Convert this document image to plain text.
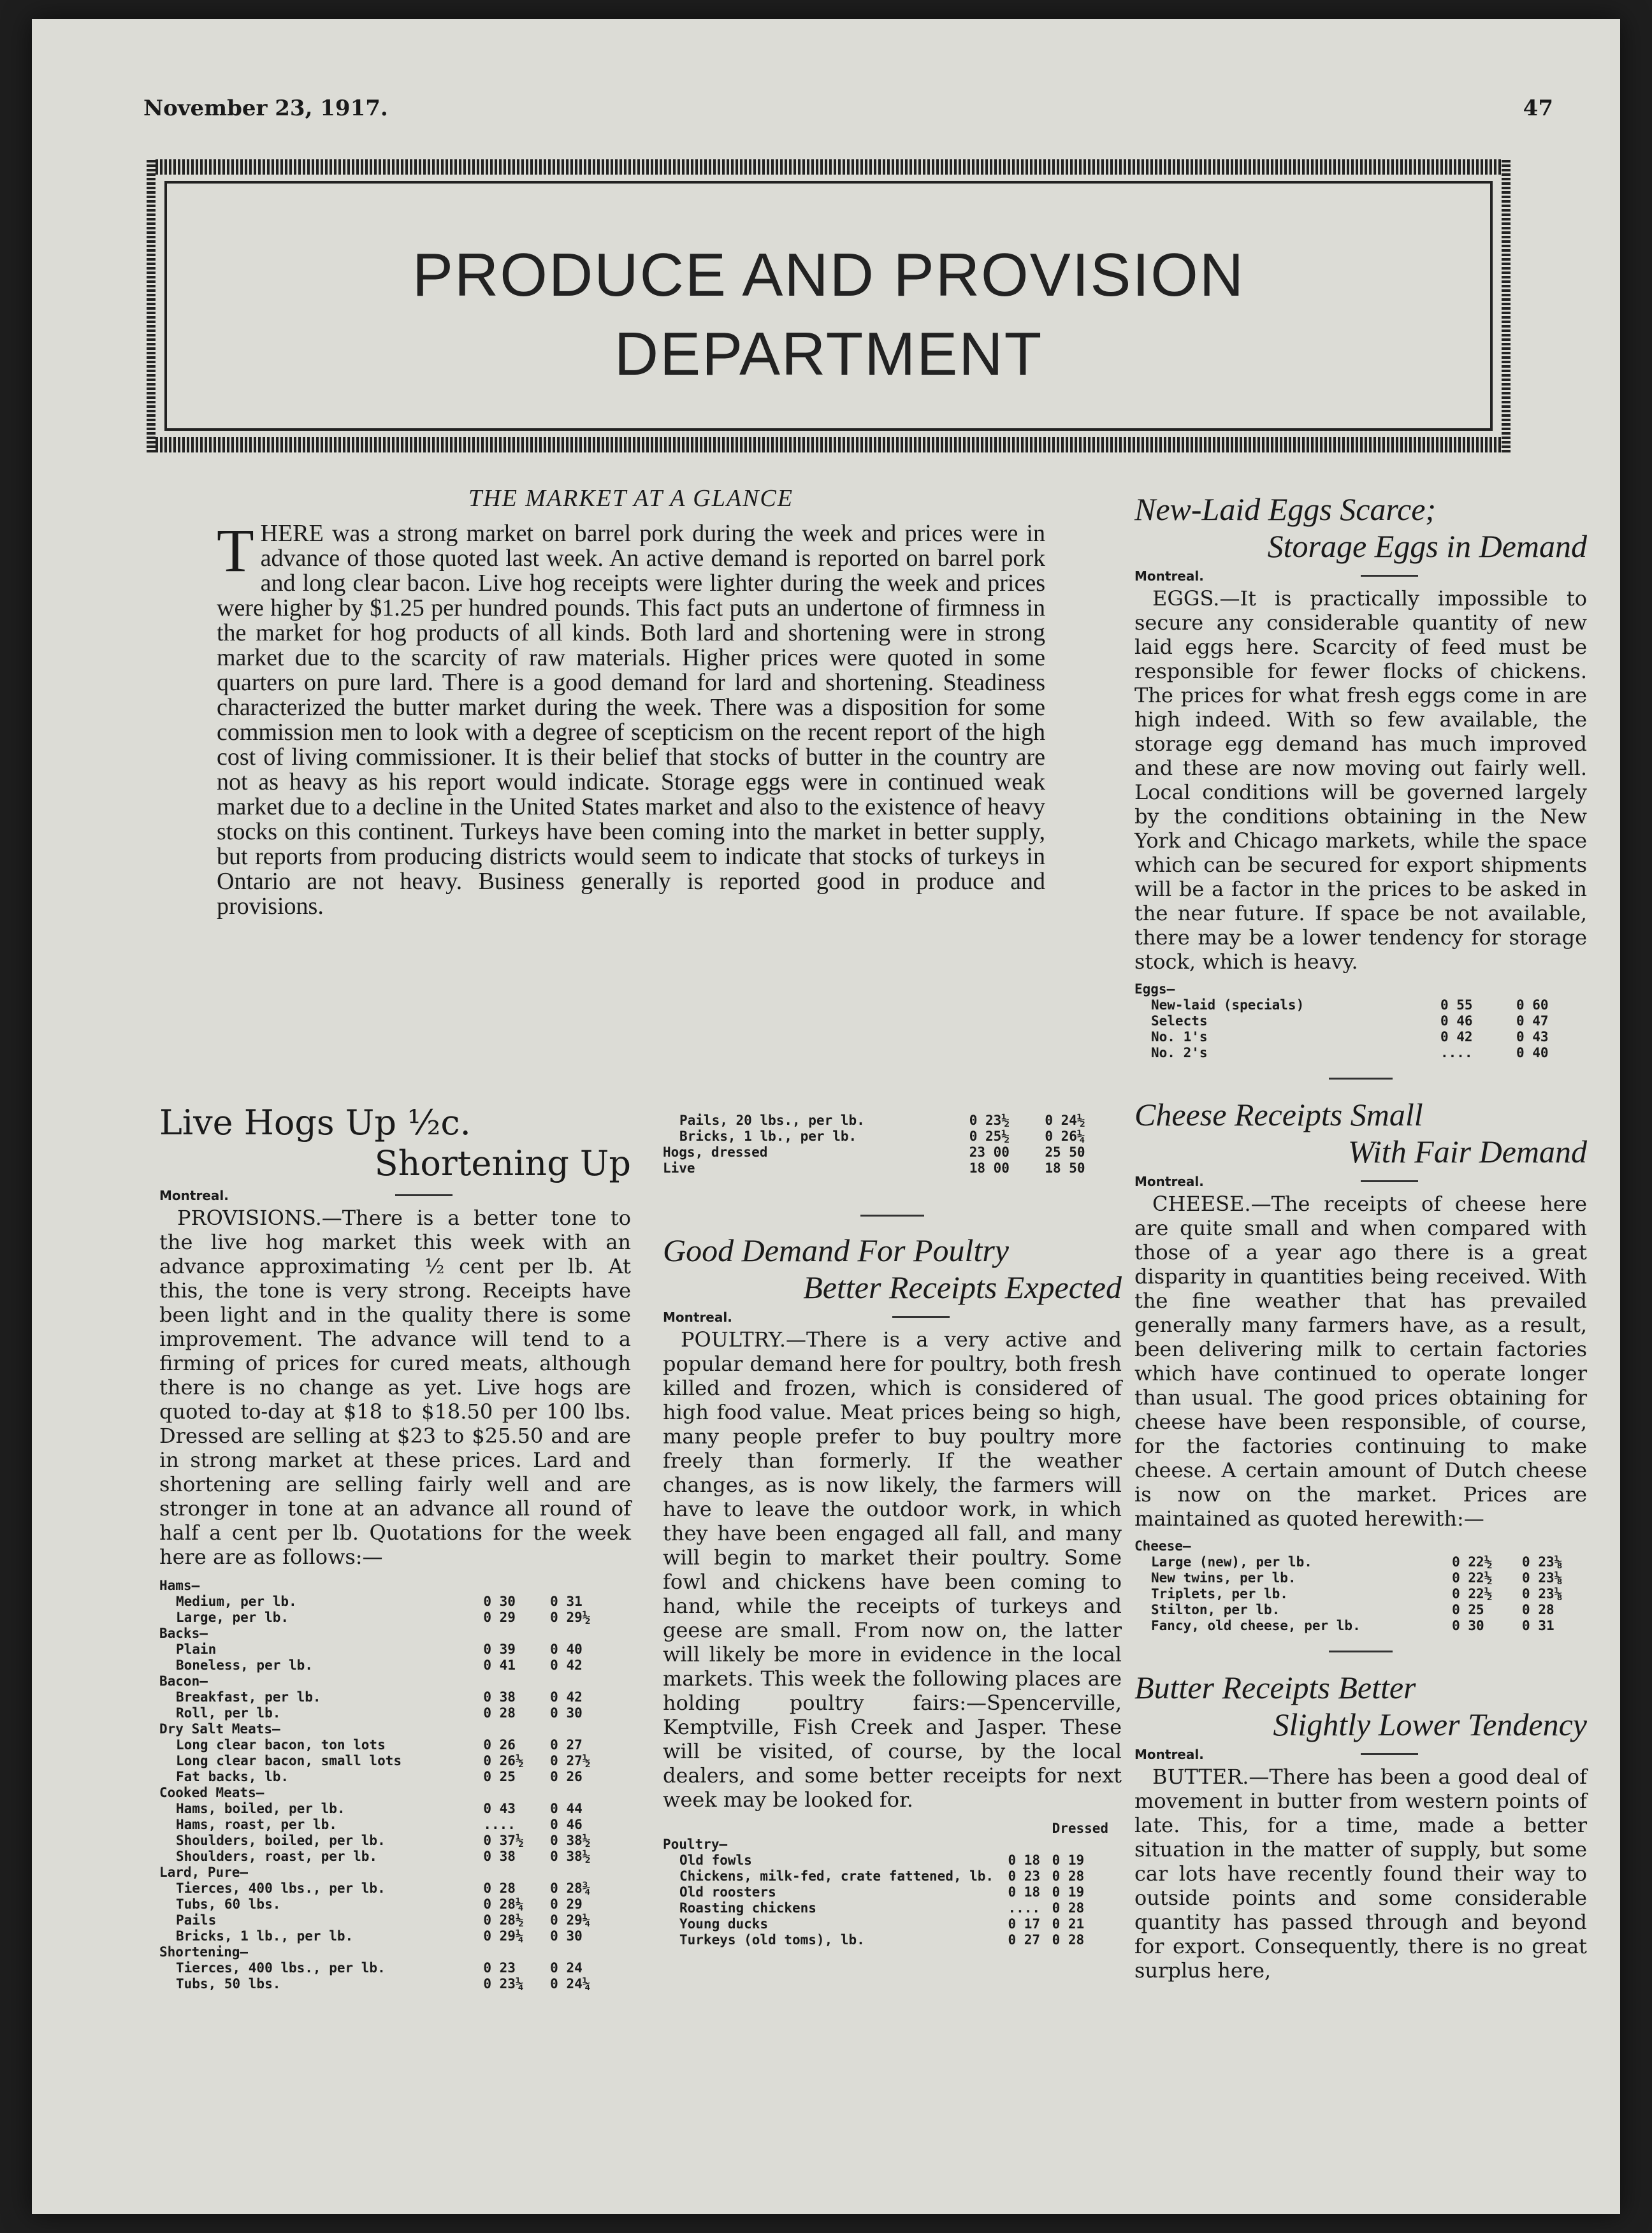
November 23, 1917.	47
PRODUCE AND PROVISION
DEPARTMENT
THE MARKET AT A GLANCE

THERE was a strong market on barrel pork during the week and prices were in advance of those quoted last week. An active demand is reported on barrel pork and long clear bacon. Live hog receipts were lighter during the week and prices were higher by $1.25 per hundred pounds. This fact puts an undertone of firmness in the market for hog products of all kinds. Both lard and shortening were in strong market due to the scarcity of raw materials. Higher prices were quoted in some quarters on pure lard. There is a good demand for lard and shortening. Steadiness characterized the butter market during the week. There was a disposition for some commission men to look with a degree of scepticism on the recent report of the high cost of living commissioner. It is their belief that stocks of butter in the country are not as heavy as his report would indicate. Storage eggs were in continued weak market due to a decline in the United States market and also to the existence of heavy stocks on this continent. Turkeys have been coming into the market in better supply, but reports from producing districts would seem to indicate that stocks of turkeys in Ontario are not heavy. Business generally is reported good in produce and provisions.

Live Hogs Up ½c.
Shortening Up
Montreal.

PROVISIONS.—There is a better tone to the live hog market this week with an advance approximating ½ cent per lb. At this, the tone is very strong. Receipts have been light and in the quality there is some improvement. The advance will tend to a firming of prices for cured meats, although there is no change as yet. Live hogs are quoted to-day at $18 to $18.50 per 100 lbs. Dressed are selling at $23 to $25.50 and are in strong market at these prices. Lard and shortening are selling fairly well and are stronger in tone at an advance all round of half a cent per lb. Quotations for the week here are as follows:—

Hams—			
Medium, per lb.		0 30	0 31
Large, per lb.		0 29	0 29½
Backs—			
Plain		0 39	0 40
Boneless, per lb.		0 41	0 42
Bacon—			
Breakfast, per lb.		0 38	0 42
Roll, per lb.		0 28	0 30
Dry Salt Meats—			
Long clear bacon, ton lots		0 26	0 27
Long clear bacon, small lots		0 26½	0 27½
Fat backs, lb.		0 25	0 26
Cooked Meats—			
Hams, boiled, per lb.		0 43	0 44
Hams, roast, per lb.		....	0 46
Shoulders, boiled, per lb.		0 37½	0 38½
Shoulders, roast, per lb.		0 38	0 38½
Lard, Pure—			
Tierces, 400 lbs., per lb.		0 28	0 28¾
Tubs, 60 lbs.		0 28¼	0 29
Pails		0 28½	0 29¼
Bricks, 1 lb., per lb.		0 29¼	0 30
Shortening—			
Tierces, 400 lbs., per lb.		0 23	0 24
Tubs, 50 lbs.		0 23¼	0 24¼
Pails, 20 lbs., per lb.		0 23½	0 24½
Bricks, 1 lb., per lb.		0 25½	0 26¼
Hogs, dressed		23 00	25 50
Live		18 00	18 50
Good Demand For Poultry
Better Receipts Expected
Montreal.

POULTRY.—There is a very active and popular demand here for poultry, both fresh killed and frozen, which is considered of high food value. Meat prices being so high, many people prefer to buy poultry more freely than formerly. If the weather changes, as is now likely, the farmers will have to leave the outdoor work, in which they have been engaged all fall, and many will begin to market their poultry. Some fowl and chickens have been coming to hand, while the receipts of turkeys and geese are small. From now on, the latter will likely be more in evidence in the local markets. This week the following places are holding poultry fairs:—Spencerville, Kemptville, Fish Creek and Jasper. These will be visited, of course, by the local dealers, and some better receipts for next week may be looked for.

		Dressed
Poultry—			
Old fowls		0 18	0 19
Chickens, milk-fed, crate fattened, lb.		0 23	0 28
Old roosters		0 18	0 19
Roasting chickens		....	0 28
Young ducks		0 17	0 21
Turkeys (old toms), lb.		0 27	0 28
New-Laid Eggs Scarce;
Storage Eggs in Demand
Montreal.

EGGS.—It is practically impossible to secure any considerable quantity of new laid eggs here. Scarcity of feed must be responsible for fewer flocks of chickens. The prices for what fresh eggs come in are high indeed. With so few available, the storage egg demand has much improved and these are now moving out fairly well. Local conditions will be governed largely by the conditions obtaining in the New York and Chicago markets, while the space which can be secured for export shipments will be a factor in the prices to be asked in the near future. If space be not available, there may be a lower tendency for storage stock, which is heavy.

Eggs—			
New-laid (specials)		0 55	0 60
Selects		0 46	0 47
No. 1's		0 42	0 43
No. 2's		....	0 40
Cheese Receipts Small
With Fair Demand
Montreal.

CHEESE.—The receipts of cheese here are quite small and when compared with those of a year ago there is a great disparity in quantities being received. With the fine weather that has prevailed generally many farmers have, as a result, been delivering milk to certain factories which have continued to operate longer than usual. The good prices obtaining for cheese have been responsible, of course, for the factories continuing to make cheese. A certain amount of Dutch cheese is now on the market. Prices are maintained as quoted herewith:—

Cheese—			
Large (new), per lb.		0 22½	0 23⅛
New twins, per lb.		0 22½	0 23⅛
Triplets, per lb.		0 22½	0 23⅛
Stilton, per lb.		0 25	0 28
Fancy, old cheese, per lb.		0 30	0 31
Butter Receipts Better
Slightly Lower Tendency
Montreal.

BUTTER.—There has been a good deal of movement in butter from western points of late. This, for a time, made a better situation in the matter of supply, but some car lots have recently found their way to outside points and some considerable quantity has passed through and beyond for export. Consequently, there is no great surplus here,
